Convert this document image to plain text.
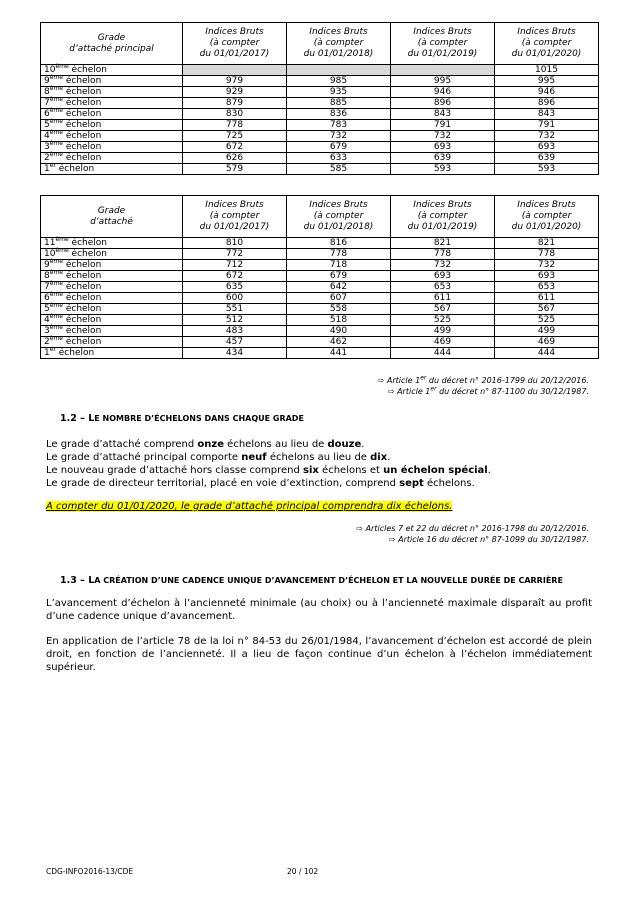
Grade
d’attaché principal	Indices Bruts
(à compter
du 01/01/2017)	Indices Bruts
(à compter
du 01/01/2018)	Indices Bruts
(à compter
du 01/01/2019)	Indices Bruts
(à compter
du 01/01/2020)
10ème échelon				1015
9ème échelon	979	985	995	995
8ème échelon	929	935	946	946
7ème échelon	879	885	896	896
6ème échelon	830	836	843	843
5ème échelon	778	783	791	791
4ème échelon	725	732	732	732
3ème échelon	672	679	693	693
2ème échelon	626	633	639	639
1er échelon	579	585	593	593
Grade
d’attaché	Indices Bruts
(à compter
du 01/01/2017)	Indices Bruts
(à compter
du 01/01/2018)	Indices Bruts
(à compter
du 01/01/2019)	Indices Bruts
(à compter
du 01/01/2020)
11ème échelon	810	816	821	821
10ème échelon	772	778	778	778
9ème échelon	712	718	732	732
8ème échelon	672	679	693	693
7ème échelon	635	642	653	653
6ème échelon	600	607	611	611
5ème échelon	551	558	567	567
4ème échelon	512	518	525	525
3ème échelon	483	490	499	499
2ème échelon	457	462	469	469
1er échelon	434	441	444	444
⇨ Article 1er du décret n° 2016-1799 du 20/12/2016.
⇨ Article 1er du décret n° 87-1100 du 30/12/1987.
1.2 – LE NOMBRE D’ÉCHELONS DANS CHAQUE GRADE
Le grade d’attaché comprend onze échelons au lieu de douze.
Le grade d’attaché principal comporte neuf échelons au lieu de dix.
Le nouveau grade d’attaché hors classe comprend six échelons et un échelon spécial.
Le grade de directeur territorial, placé en voie d’extinction, comprend sept échelons.
A compter du 01/01/2020, le grade d’attaché principal comprendra dix échelons.
⇨ Articles 7 et 22 du décret n° 2016-1798 du 20/12/2016.
⇨ Article 16 du décret n° 87-1099 du 30/12/1987.
1.3 – LA CRÉATION D’UNE CADENCE UNIQUE D’AVANCEMENT D’ÉCHELON ET LA NOUVELLE DURÉE DE CARRIÈRE
L’avancement d’échelon à l’ancienneté minimale (au choix) ou à l’ancienneté maximale disparaît au profit d’une cadence unique d’avancement.
En application de l’article 78 de la loi n° 84-53 du 26/01/1984, l’avancement d’échelon est accordé de plein droit, en fonction de l’ancienneté. Il a lieu de façon continue d’un échelon à l’échelon immédiatement supérieur.
CDG-INFO2016-13/CDE	20 / 102
